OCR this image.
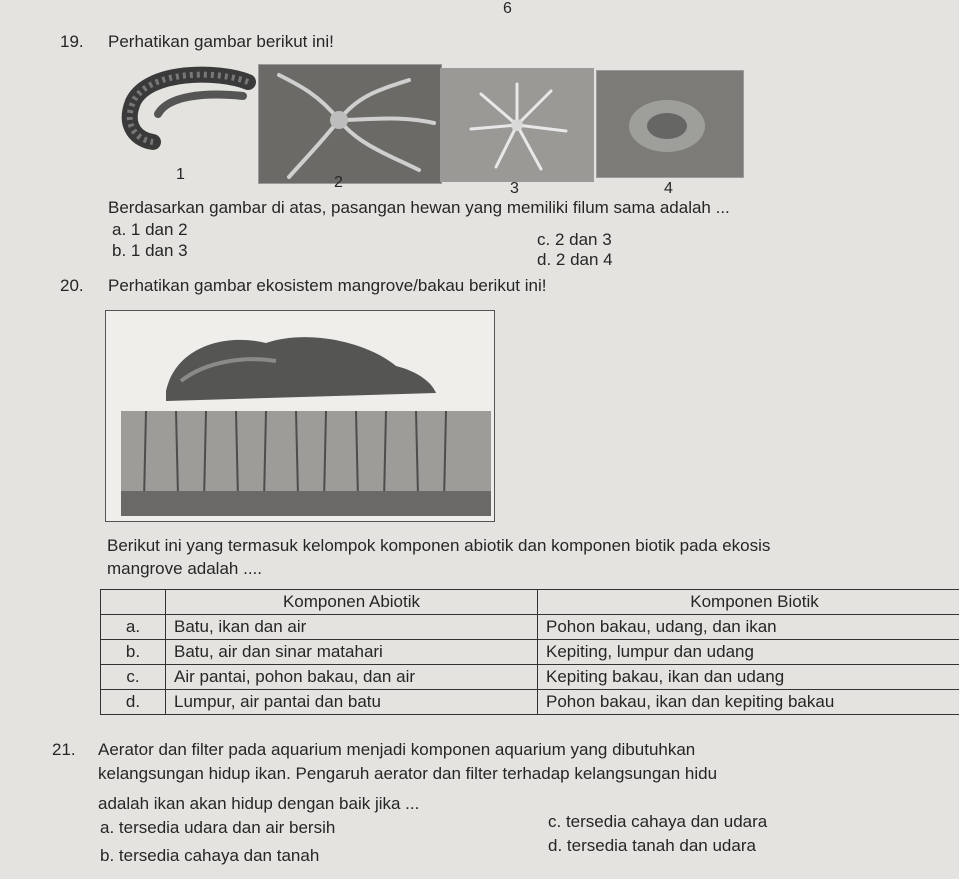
6
19. Perhatikan gambar berikut ini!
1	2	3	4
Berdasarkan gambar di atas, pasangan hewan yang memiliki filum sama adalah ...
a. 1 dan 2
b. 1 dan 3
c. 2 dan 3
d. 2 dan 4
20. Perhatikan gambar ekosistem mangrove/bakau berikut ini!
Berikut ini yang termasuk kelompok komponen abiotik dan komponen biotik pada ekosis
mangrove adalah ....
	Komponen Abiotik	Komponen Biotik
a.	Batu, ikan dan air	Pohon bakau, udang, dan ikan
b.	Batu, air dan sinar matahari	Kepiting, lumpur dan udang
c.	Air pantai, pohon bakau, dan air	Kepiting bakau, ikan dan udang
d.	Lumpur, air pantai dan batu	Pohon bakau, ikan dan kepiting bakau
21. Aerator dan filter pada aquarium menjadi komponen aquarium yang dibutuhkan
kelangsungan hidup ikan. Pengaruh aerator dan filter terhadap kelangsungan hidu
adalah ikan akan hidup dengan baik jika ...
a. tersedia udara dan air bersih
b. tersedia cahaya dan tanah
c. tersedia cahaya dan udara
d. tersedia tanah dan udara
